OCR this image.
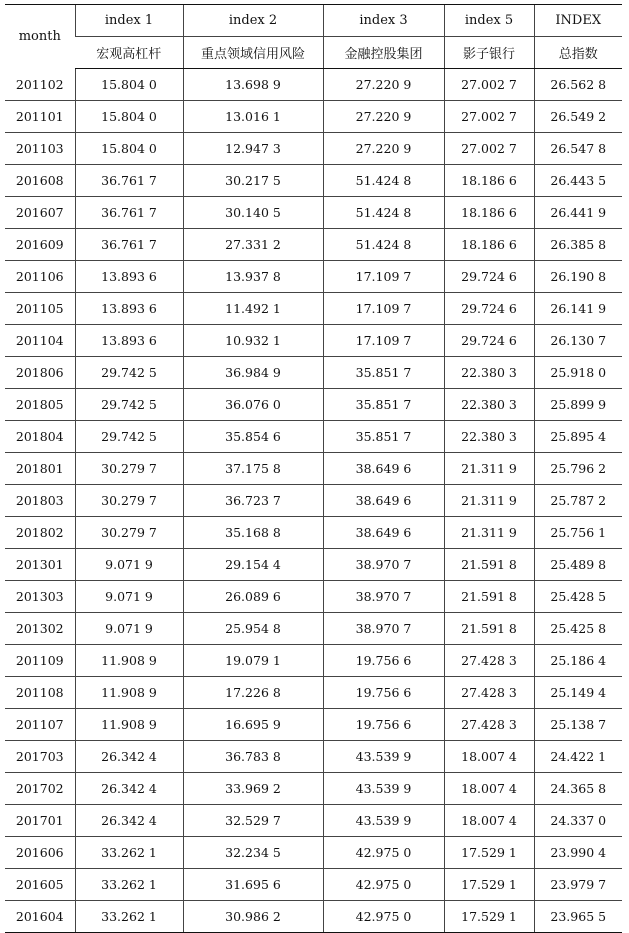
month	index 1	index 2	index 3	index 5	INDEX
	宏观高杠杆	重点领域信用风险	金融控股集团	影子银行	总指数
201102	15.804 0	13.698 9	27.220 9	27.002 7	26.562 8
201101	15.804 0	13.016 1	27.220 9	27.002 7	26.549 2
201103	15.804 0	12.947 3	27.220 9	27.002 7	26.547 8
201608	36.761 7	30.217 5	51.424 8	18.186 6	26.443 5
201607	36.761 7	30.140 5	51.424 8	18.186 6	26.441 9
201609	36.761 7	27.331 2	51.424 8	18.186 6	26.385 8
201106	13.893 6	13.937 8	17.109 7	29.724 6	26.190 8
201105	13.893 6	11.492 1	17.109 7	29.724 6	26.141 9
201104	13.893 6	10.932 1	17.109 7	29.724 6	26.130 7
201806	29.742 5	36.984 9	35.851 7	22.380 3	25.918 0
201805	29.742 5	36.076 0	35.851 7	22.380 3	25.899 9
201804	29.742 5	35.854 6	35.851 7	22.380 3	25.895 4
201801	30.279 7	37.175 8	38.649 6	21.311 9	25.796 2
201803	30.279 7	36.723 7	38.649 6	21.311 9	25.787 2
201802	30.279 7	35.168 8	38.649 6	21.311 9	25.756 1
201301	9.071 9	29.154 4	38.970 7	21.591 8	25.489 8
201303	9.071 9	26.089 6	38.970 7	21.591 8	25.428 5
201302	9.071 9	25.954 8	38.970 7	21.591 8	25.425 8
201109	11.908 9	19.079 1	19.756 6	27.428 3	25.186 4
201108	11.908 9	17.226 8	19.756 6	27.428 3	25.149 4
201107	11.908 9	16.695 9	19.756 6	27.428 3	25.138 7
201703	26.342 4	36.783 8	43.539 9	18.007 4	24.422 1
201702	26.342 4	33.969 2	43.539 9	18.007 4	24.365 8
201701	26.342 4	32.529 7	43.539 9	18.007 4	24.337 0
201606	33.262 1	32.234 5	42.975 0	17.529 1	23.990 4
201605	33.262 1	31.695 6	42.975 0	17.529 1	23.979 7
201604	33.262 1	30.986 2	42.975 0	17.529 1	23.965 5
